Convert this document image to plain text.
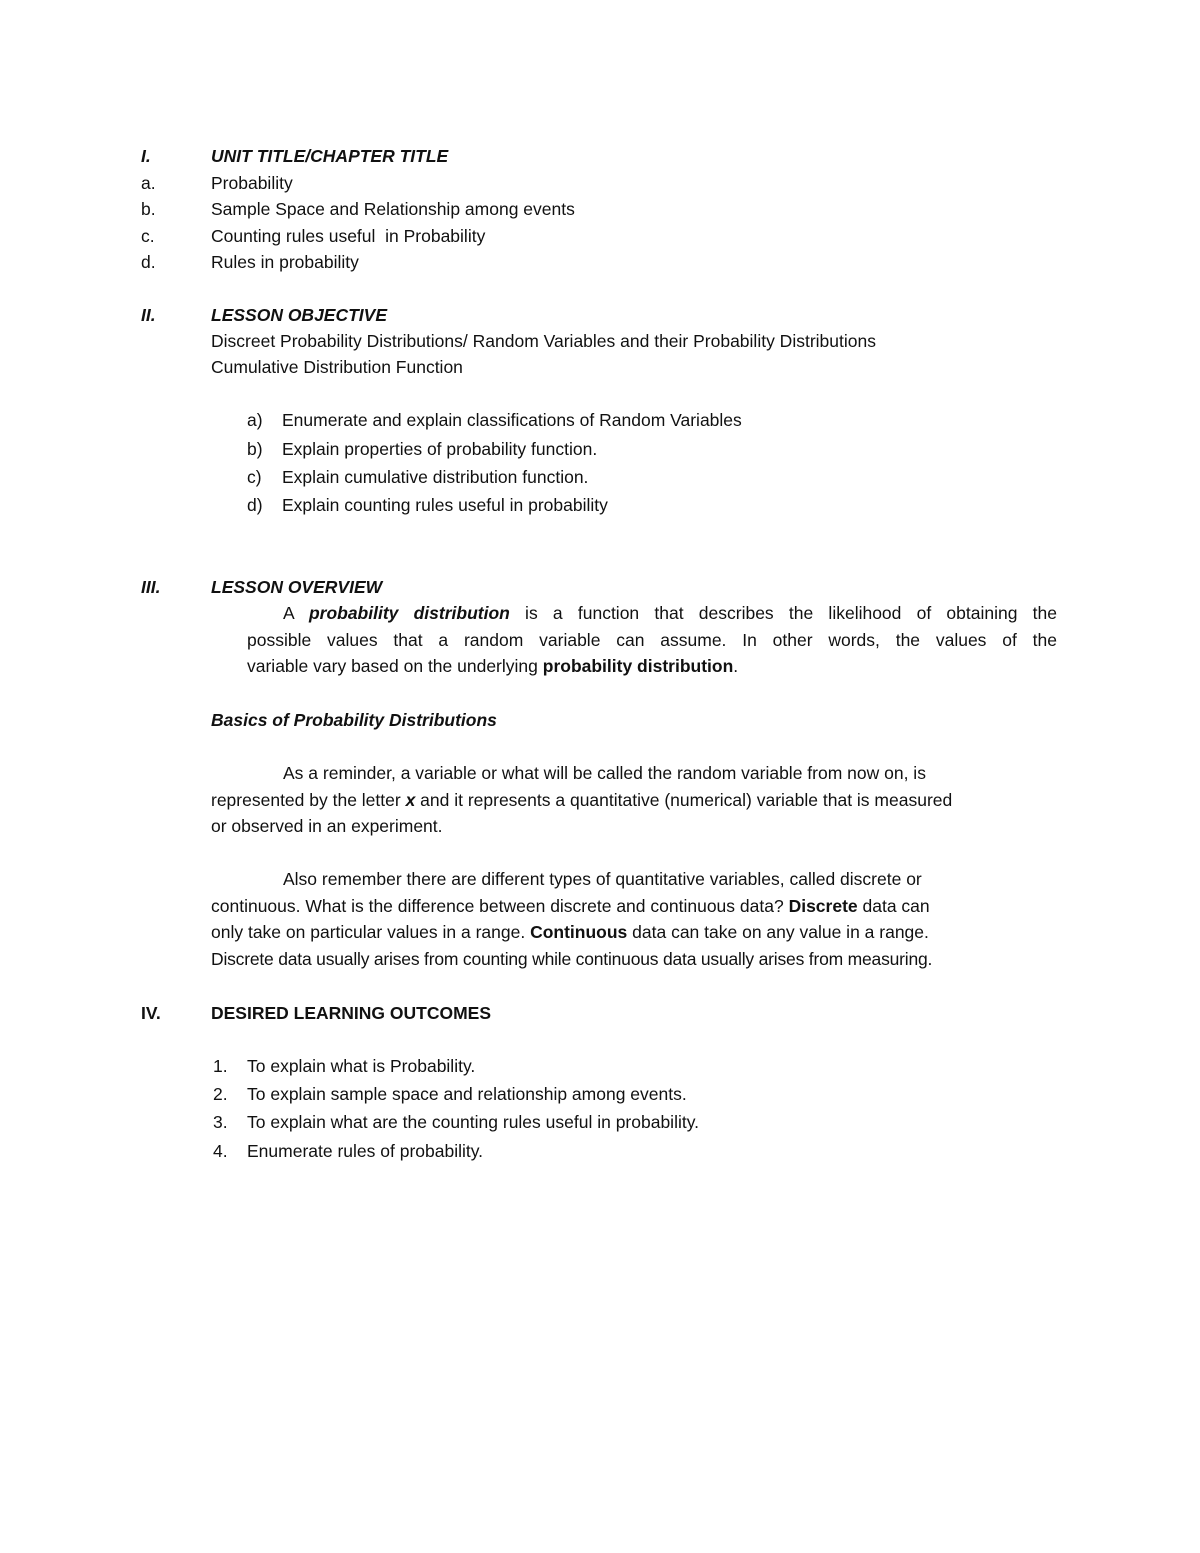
I.	UNIT TITLE/CHAPTER TITLE
a.	Probability
b.	Sample Space and Relationship among events
c.	Counting rules useful  in Probability
d.	Rules in probability
II.	LESSON OBJECTIVE
Discreet Probability Distributions/ Random Variables and their Probability Distributions
Cumulative Distribution Function
a) Enumerate and explain classifications of Random Variables
b) Explain properties of probability function.
c) Explain cumulative distribution function.
d) Explain counting rules useful in probability
III.	LESSON OVERVIEW
A probability distribution is a function that describes the likelihood of obtaining the
possible values that a random variable can assume. In other words, the values of the
variable vary based on the underlying probability distribution.
Basics of Probability Distributions
As a reminder, a variable or what will be called the random variable from now on, is
represented by the letter x and it represents a quantitative (numerical) variable that is measured
or observed in an experiment.
Also remember there are different types of quantitative variables, called discrete or
continuous. What is the difference between discrete and continuous data? Discrete data can
only take on particular values in a range. Continuous data can take on any value in a range.
Discrete data usually arises from counting while continuous data usually arises from measuring.
IV.	DESIRED LEARNING OUTCOMES
1. To explain what is Probability.
2. To explain sample space and relationship among events.
3. To explain what are the counting rules useful in probability.
4. Enumerate rules of probability.
